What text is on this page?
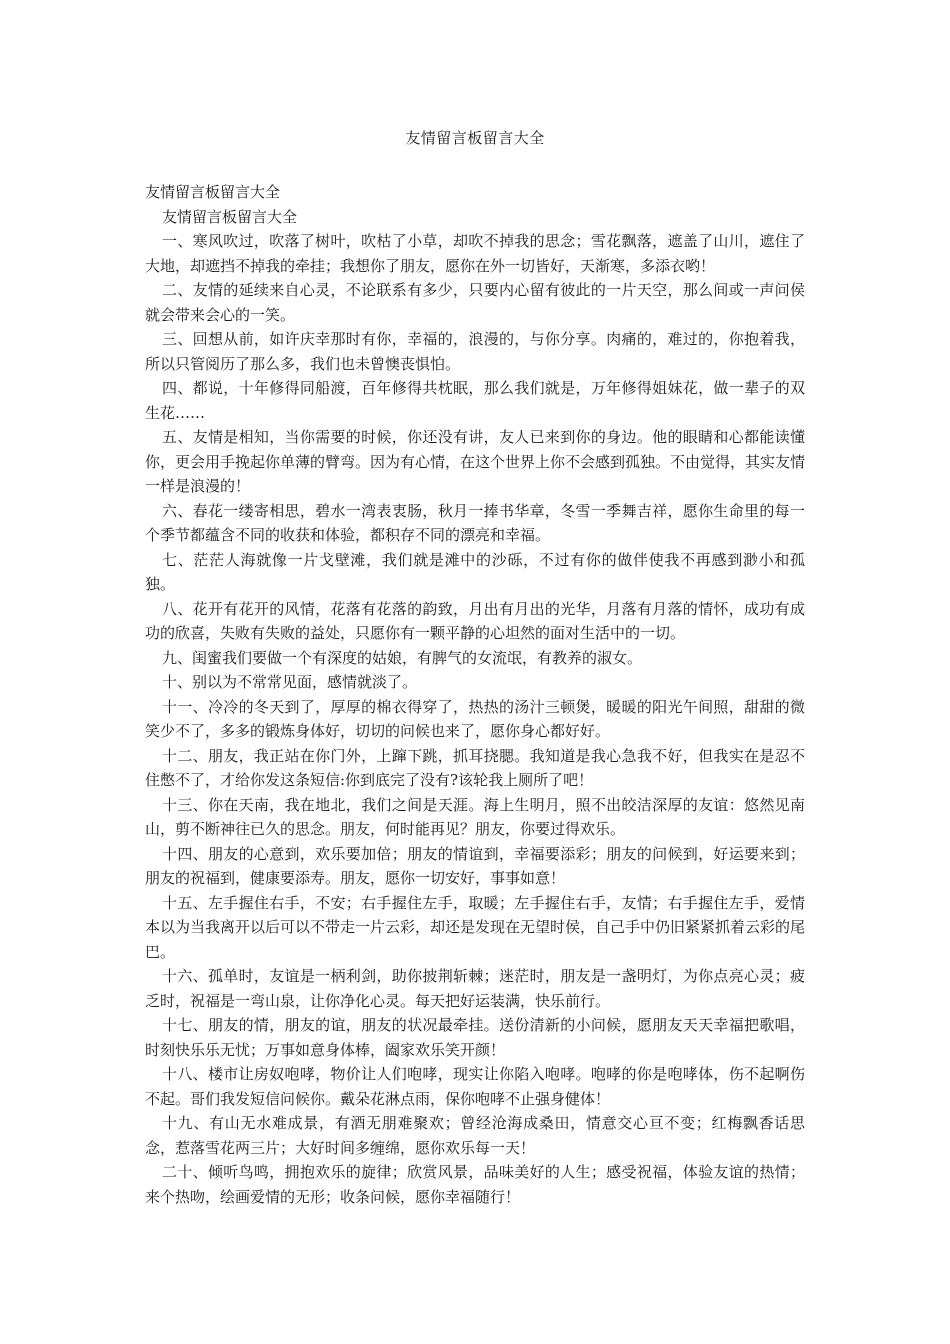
友情留言板留言大全

友情留言板留言大全

友情留言板留言大全

一、寒风吹过，吹落了树叶，吹枯了小草，却吹不掉我的思念；雪花飘落，遮盖了山川，遮住了大地，却遮挡不掉我的牵挂；我想你了朋友，愿你在外一切皆好，天渐寒，多添衣哟！

二、友情的延续来自心灵，不论联系有多少，只要内心留有彼此的一片天空，那么间或一声问侯就会带来会心的一笑。

三、回想从前，如许庆幸那时有你，幸福的，浪漫的，与你分享。肉痛的，难过的，你抱着我，所以只管阅历了那么多，我们也未曾懊丧惧怕。

四、都说，十年修得同船渡，百年修得共枕眠，那么我们就是，万年修得姐妹花，做一辈子的双生花……

五、友情是相知，当你需要的时候，你还没有讲，友人已来到你的身边。他的眼睛和心都能读懂你，更会用手挽起你单薄的臂弯。因为有心情，在这个世界上你不会感到孤独。不由觉得，其实友情一样是浪漫的！

六、春花一缕寄相思，碧水一湾表衷肠，秋月一捧书华章，冬雪一季舞吉祥，愿你生命里的每一个季节都蕴含不同的收获和体验，都积存不同的漂亮和幸福。

七、茫茫人海就像一片戈壁滩，我们就是滩中的沙砾，不过有你的做伴使我不再感到渺小和孤独。

八、花开有花开的风情，花落有花落的韵致，月出有月出的光华，月落有月落的情怀，成功有成功的欣喜，失败有失败的益处，只愿你有一颗平静的心坦然的面对生活中的一切。

九、闺蜜我们要做一个有深度的姑娘，有脾气的女流氓，有教养的淑女。

十、别以为不常常见面，感情就淡了。

十一、冷冷的冬天到了，厚厚的棉衣得穿了，热热的汤汁三顿煲，暖暖的阳光午间照，甜甜的微笑少不了，多多的锻炼身体好，切切的问候也来了，愿你身心都好好。

十二、朋友，我正站在你门外，上蹿下跳，抓耳挠腮。我知道是我心急我不好，但我实在是忍不住憋不了，才给你发这条短信:你到底完了没有?该轮我上厕所了吧！

十三、你在天南，我在地北，我们之间是天涯。海上生明月，照不出皎洁深厚的友谊：悠然见南山，剪不断神往已久的思念。朋友，何时能再见？朋友，你要过得欢乐。

十四、朋友的心意到，欢乐要加倍；朋友的情谊到，幸福要添彩；朋友的问候到，好运要来到；朋友的祝福到，健康要添寿。朋友，愿你一切安好，事事如意！

十五、左手握住右手，不安；右手握住左手，取暖；左手握住右手，友情；右手握住左手，爱情本以为当我离开以后可以不带走一片云彩，却还是发现在无望时侯，自己手中仍旧紧紧抓着云彩的尾巴。

十六、孤单时，友谊是一柄利剑，助你披荆斩棘；迷茫时，朋友是一盏明灯，为你点亮心灵；疲乏时，祝福是一弯山泉，让你净化心灵。每天把好运装满，快乐前行。

十七、朋友的情，朋友的谊，朋友的状况最牵挂。送份清新的小问候，愿朋友天天幸福把歌唱，时刻快乐乐无忧；万事如意身体棒，阖家欢乐笑开颜！

十八、楼市让房奴咆哮，物价让人们咆哮，现实让你陷入咆哮。咆哮的你是咆哮体，伤不起啊伤不起。哥们我发短信问候你。戴朵花淋点雨，保你咆哮不止强身健体！

十九、有山无水难成景，有酒无朋难聚欢；曾经沧海成桑田，情意交心亘不变；红梅飘香话思念，惹落雪花两三片；大好时间多缠绵，愿你欢乐每一天！

二十、倾听鸟鸣，拥抱欢乐的旋律；欣赏风景，品味美好的人生；感受祝福，体验友谊的热情；来个热吻，绘画爱情的无形；收条问候，愿你幸福随行！
